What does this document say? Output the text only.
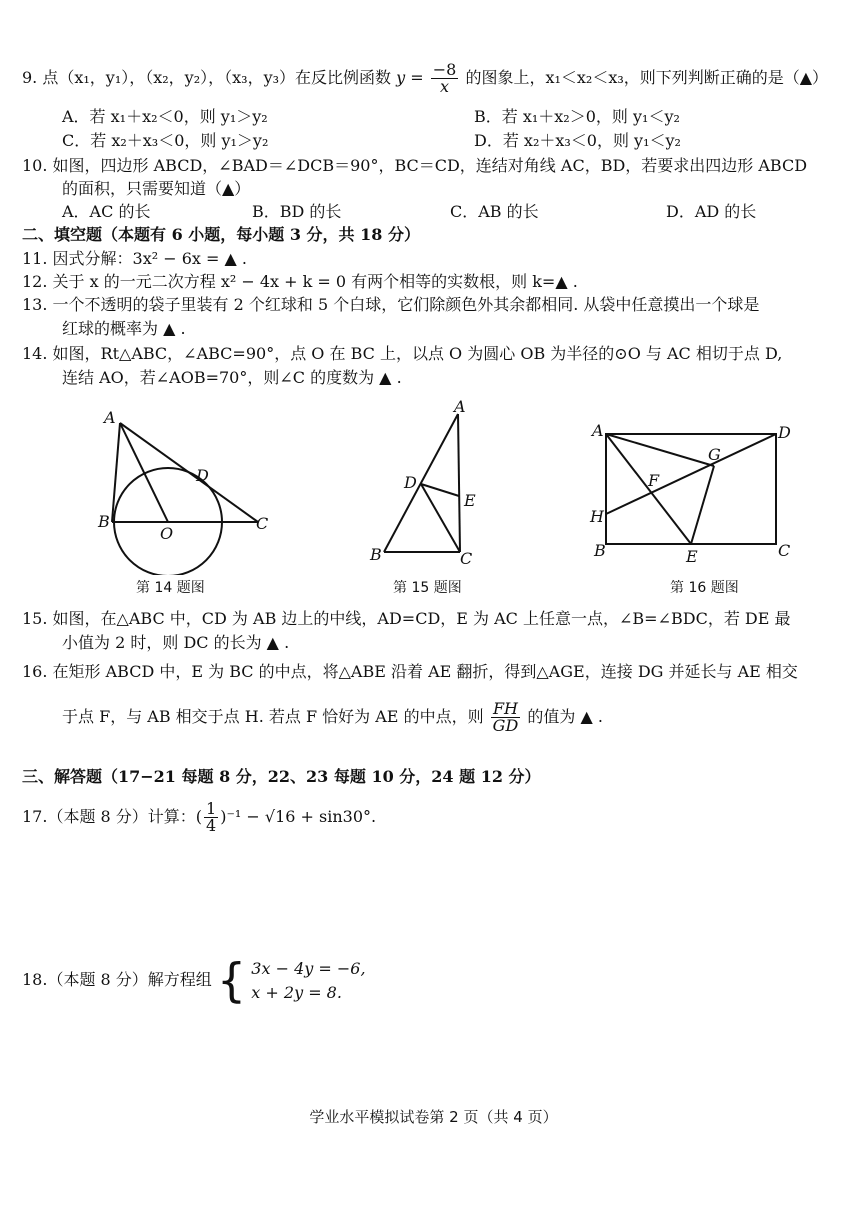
9. 点（x₁，y₁），（x₂，y₂），（x₃，y₃）在反比例函数 $y = \frac{-8}{x}$ 的图象上，x₁＜x₂＜x₃，则下列判断正确的是（▲）
A．若 x₁＋x₂＜0，则 y₁＞y₂	B．若 x₁＋x₂＞0，则 y₁＜y₂
C．若 x₂＋x₃＜0，则 y₁＞y₂	D．若 x₂＋x₃＜0，则 y₁＜y₂
10. 如图，四边形 ABCD，∠BAD＝∠DCB＝90°，BC＝CD，连结对角线 AC，BD，若要求出四边形 ABCD
的面积，只需要知道（▲）
A．AC 的长	B．BD 的长	C．AB 的长	D．AD 的长
二、填空题（本题有 6 小题，每小题 3 分，共 18 分）
11. 因式分解：3x² − 6x = ▲ .
12. 关于 x 的一元二次方程 x² − 4x + k = 0 有两个相等的实数根，则 k=▲ .
13. 一个不透明的袋子里装有 2 个红球和 5 个白球，它们除颜色外其余都相同. 从袋中任意摸出一个球是
红球的概率为 ▲ .
14. 如图，Rt△ABC，∠ABC=90°，点 O 在 BC 上，以点 O 为圆心 OB 为半径的⊙O 与 AC 相切于点 D,
连结 AO，若∠AOB=70°，则∠C 的度数为 ▲ .
A
B
O
C
D
第 14 题图
A
B	C
D
E
第 15 题图
A	D
B	C
E
F
G
H
第 16 题图
15. 如图，在△ABC 中，CD 为 AB 边上的中线，AD=CD，E 为 AC 上任意一点，∠B=∠BDC，若 DE 最
小值为 2 时，则 DC 的长为 ▲ .
16. 在矩形 ABCD 中，E 为 BC 的中点，将△ABE 沿着 AE 翻折，得到△AGE，连接 DG 并延长与 AE 相交
于点 F，与 AB 相交于点 H. 若点 F 恰好为 AE 的中点，则 $\frac{FH}{GD}$ 的值为 ▲ .
三、解答题（17−21 每题 8 分，22、23 每题 10 分，24 题 12 分）
17.（本题 8 分）计算：( $\frac{1}{4} )^{-1} - √16 + \sin 30^\circ$.
18.（本题 8 分）解方程组 { 3x − 4y = −6,
x + 2y = 8.
学业水平模拟试卷第 2 页（共 4 页）
